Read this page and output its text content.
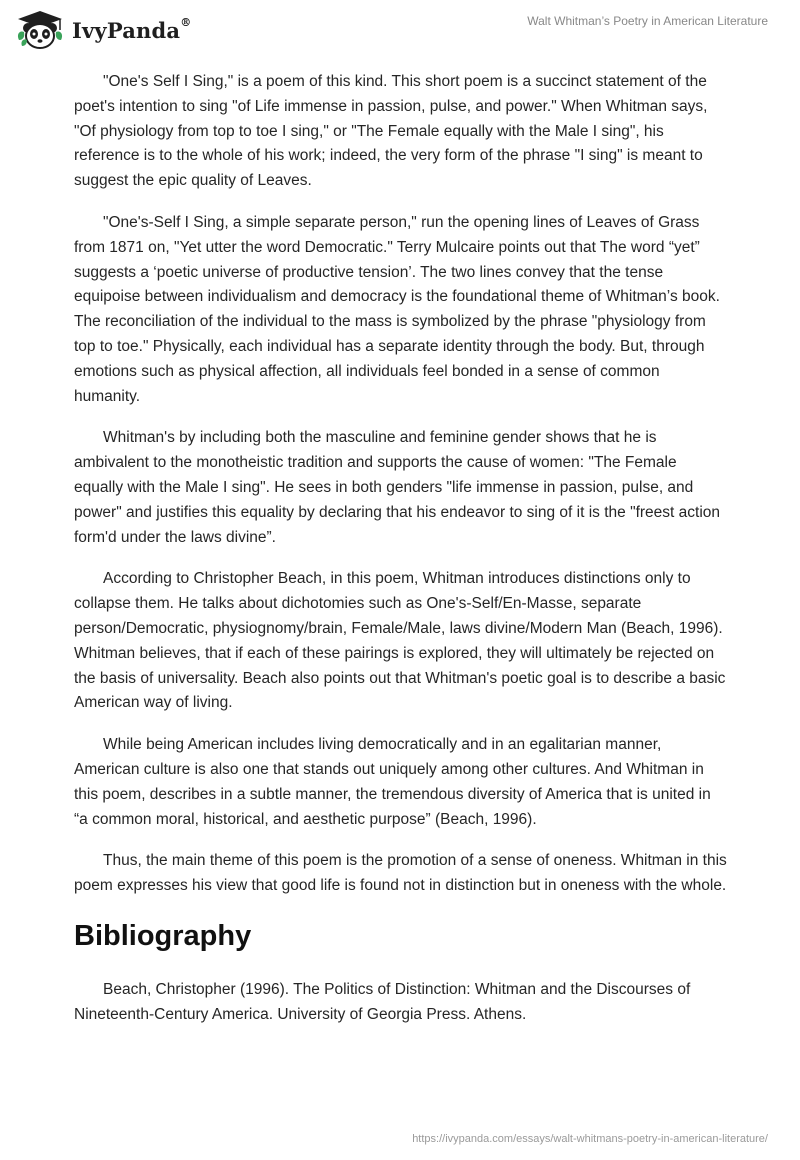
IvyPanda®	Walt Whitman’s Poetry in American Literature

"One's Self I Sing," is a poem of this kind. This short poem is a succinct statement of the poet's intention to sing "of Life immense in passion, pulse, and power." When Whitman says, "Of physiology from top to toe I sing," or "The Female equally with the Male I sing", his reference is to the whole of his work; indeed, the very form of the phrase "I sing" is meant to suggest the epic quality of Leaves.

"One's-Self I Sing, a simple separate person," run the opening lines of Leaves of Grass from 1871 on, "Yet utter the word Democratic." Terry Mulcaire points out that The word “yet” suggests a ‘poetic universe of productive tension’. The two lines convey that the tense equipoise between individualism and democracy is the foundational theme of Whitman’s book. The reconciliation of the individual to the mass is symbolized by the phrase "physiology from top to toe." Physically, each individual has a separate identity through the body. But, through emotions such as physical affection, all individuals feel bonded in a sense of common humanity.

Whitman's by including both the masculine and feminine gender shows that he is ambivalent to the monotheistic tradition and supports the cause of women: "The Female equally with the Male I sing". He sees in both genders "life immense in passion, pulse, and power" and justifies this equality by declaring that his endeavor to sing of it is the "freest action form'd under the laws divine”.

According to Christopher Beach, in this poem, Whitman introduces distinctions only to collapse them. He talks about dichotomies such as One's-Self/En-Masse, separate person/Democratic, physiognomy/brain, Female/Male, laws divine/Modern Man (Beach, 1996). Whitman believes, that if each of these pairings is explored, they will ultimately be rejected on the basis of universality. Beach also points out that Whitman's poetic goal is to describe a basic American way of living.

While being American includes living democratically and in an egalitarian manner, American culture is also one that stands out uniquely among other cultures. And Whitman in this poem, describes in a subtle manner, the tremendous diversity of America that is united in “a common moral, historical, and aesthetic purpose” (Beach, 1996).

Thus, the main theme of this poem is the promotion of a sense of oneness. Whitman in this poem expresses his view that good life is found not in distinction but in oneness with the whole.

Bibliography

Beach, Christopher (1996). The Politics of Distinction: Whitman and the Discourses of Nineteenth-Century America. University of Georgia Press. Athens.

https://ivypanda.com/essays/walt-whitmans-poetry-in-american-literature/
